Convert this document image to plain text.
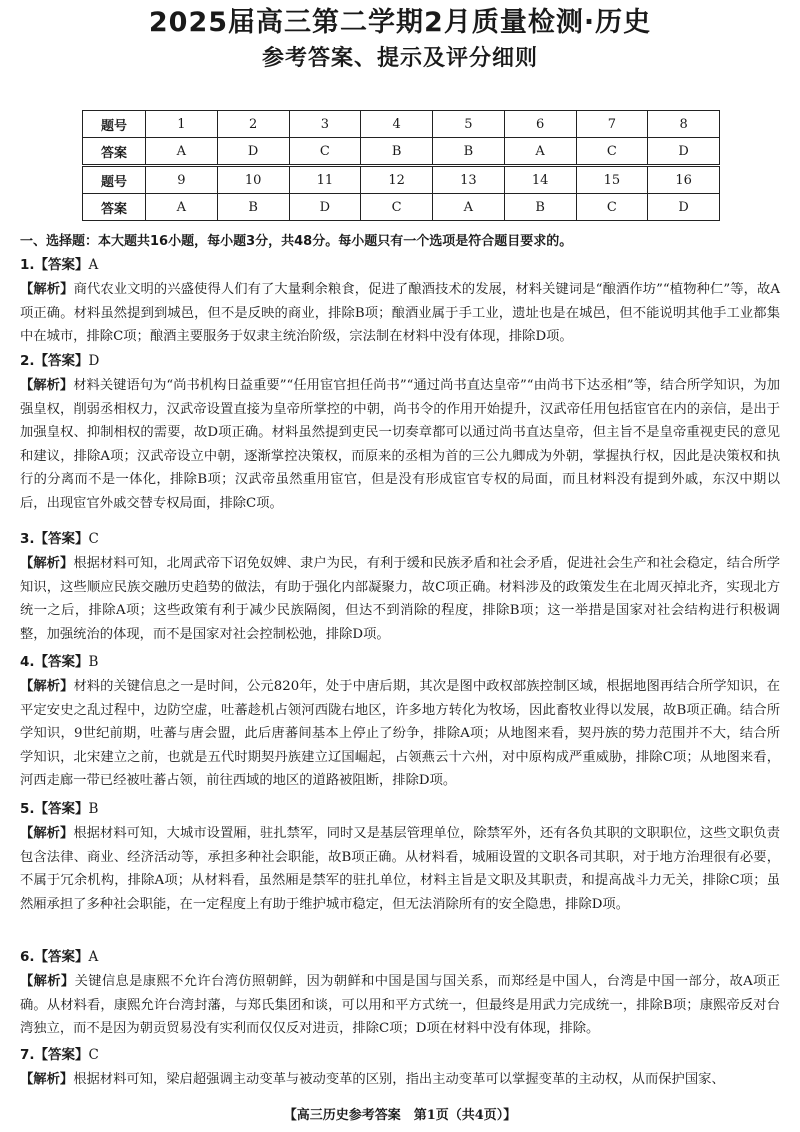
2025届高三第二学期2月质量检测·历史
参考答案、提示及评分细则
题号	1	2	3	4	5	6	7	8
答案	A	D	C	B	B	A	C	D
题号	9	10	11	12	13	14	15	16
答案	A	B	D	C	A	B	C	D
一、选择题：本大题共16小题，每小题3分，共48分。每小题只有一个选项是符合题目要求的。
1.【答案】A

【解析】商代农业文明的兴盛使得人们有了大量剩余粮食，促进了酿酒技术的发展，材料关键词是“酿酒作坊”“植物种仁”等，故A项正确。材料虽然提到到城邑，但不是反映的商业，排除B项；酿酒业属于手工业，遗址也是在城邑，但不能说明其他手工业都集中在城市，排除C项；酿酒主要服务于奴隶主统治阶级，宗法制在材料中没有体现，排除D项。

2.【答案】D

【解析】材料关键语句为“尚书机构日益重要”“任用宦官担任尚书”“通过尚书直达皇帝”“由尚书下达丞相”等，结合所学知识，为加强皇权，削弱丞相权力，汉武帝设置直接为皇帝所掌控的中朝，尚书令的作用开始提升，汉武帝任用包括宦官在内的亲信，是出于加强皇权、抑制相权的需要，故D项正确。材料虽然提到吏民一切奏章都可以通过尚书直达皇帝，但主旨不是皇帝重视吏民的意见和建议，排除A项；汉武帝设立中朝，逐渐掌控决策权，而原来的丞相为首的三公九卿成为外朝，掌握执行权，因此是决策权和执行的分离而不是一体化，排除B项；汉武帝虽然重用宦官，但是没有形成宦官专权的局面，而且材料没有提到外戚，东汉中期以后，出现宦官外戚交替专权局面，排除C项。

3.【答案】C

【解析】根据材料可知，北周武帝下诏免奴婢、隶户为民，有利于缓和民族矛盾和社会矛盾，促进社会生产和社会稳定，结合所学知识，这些顺应民族交融历史趋势的做法，有助于强化内部凝聚力，故C项正确。材料涉及的政策发生在北周灭掉北齐，实现北方统一之后，排除A项；这些政策有利于减少民族隔阂，但达不到消除的程度，排除B项；这一举措是国家对社会结构进行积极调整，加强统治的体现，而不是国家对社会控制松弛，排除D项。

4.【答案】B

【解析】材料的关键信息之一是时间，公元820年，处于中唐后期，其次是图中政权部族控制区域，根据地图再结合所学知识，在平定安史之乱过程中，边防空虚，吐蕃趁机占领河西陇右地区，许多地方转化为牧场，因此畜牧业得以发展，故B项正确。结合所学知识，9世纪前期，吐蕃与唐会盟，此后唐蕃间基本上停止了纷争，排除A项；从地图来看，契丹族的势力范围并不大，结合所学知识，北宋建立之前，也就是五代时期契丹族建立辽国崛起，占领燕云十六州，对中原构成严重威胁，排除C项；从地图来看，河西走廊一带已经被吐蕃占领，前往西域的地区的道路被阻断，排除D项。

5.【答案】B

【解析】根据材料可知，大城市设置厢，驻扎禁军，同时又是基层管理单位，除禁军外，还有各负其职的文职职位，这些文职负责包含法律、商业、经济活动等，承担多种社会职能，故B项正确。从材料看，城厢设置的文职各司其职，对于地方治理很有必要，不属于冗余机构，排除A项；从材料看，虽然厢是禁军的驻扎单位，材料主旨是文职及其职责，和提高战斗力无关，排除C项；虽然厢承担了多种社会职能，在一定程度上有助于维护城市稳定，但无法消除所有的安全隐患，排除D项。

6.【答案】A

【解析】关键信息是康熙不允许台湾仿照朝鲜，因为朝鲜和中国是国与国关系，而郑经是中国人，台湾是中国一部分，故A项正确。从材料看，康熙允许台湾封藩，与郑氏集团和谈，可以用和平方式统一，但最终是用武力完成统一，排除B项；康熙帝反对台湾独立，而不是因为朝贡贸易没有实利而仅仅反对进贡，排除C项；D项在材料中没有体现，排除。

7.【答案】C

【解析】根据材料可知，梁启超强调主动变革与被动变革的区别，指出主动变革可以掌握变革的主动权，从而保护国家、

【高三历史参考答案　第1页（共4页）】
